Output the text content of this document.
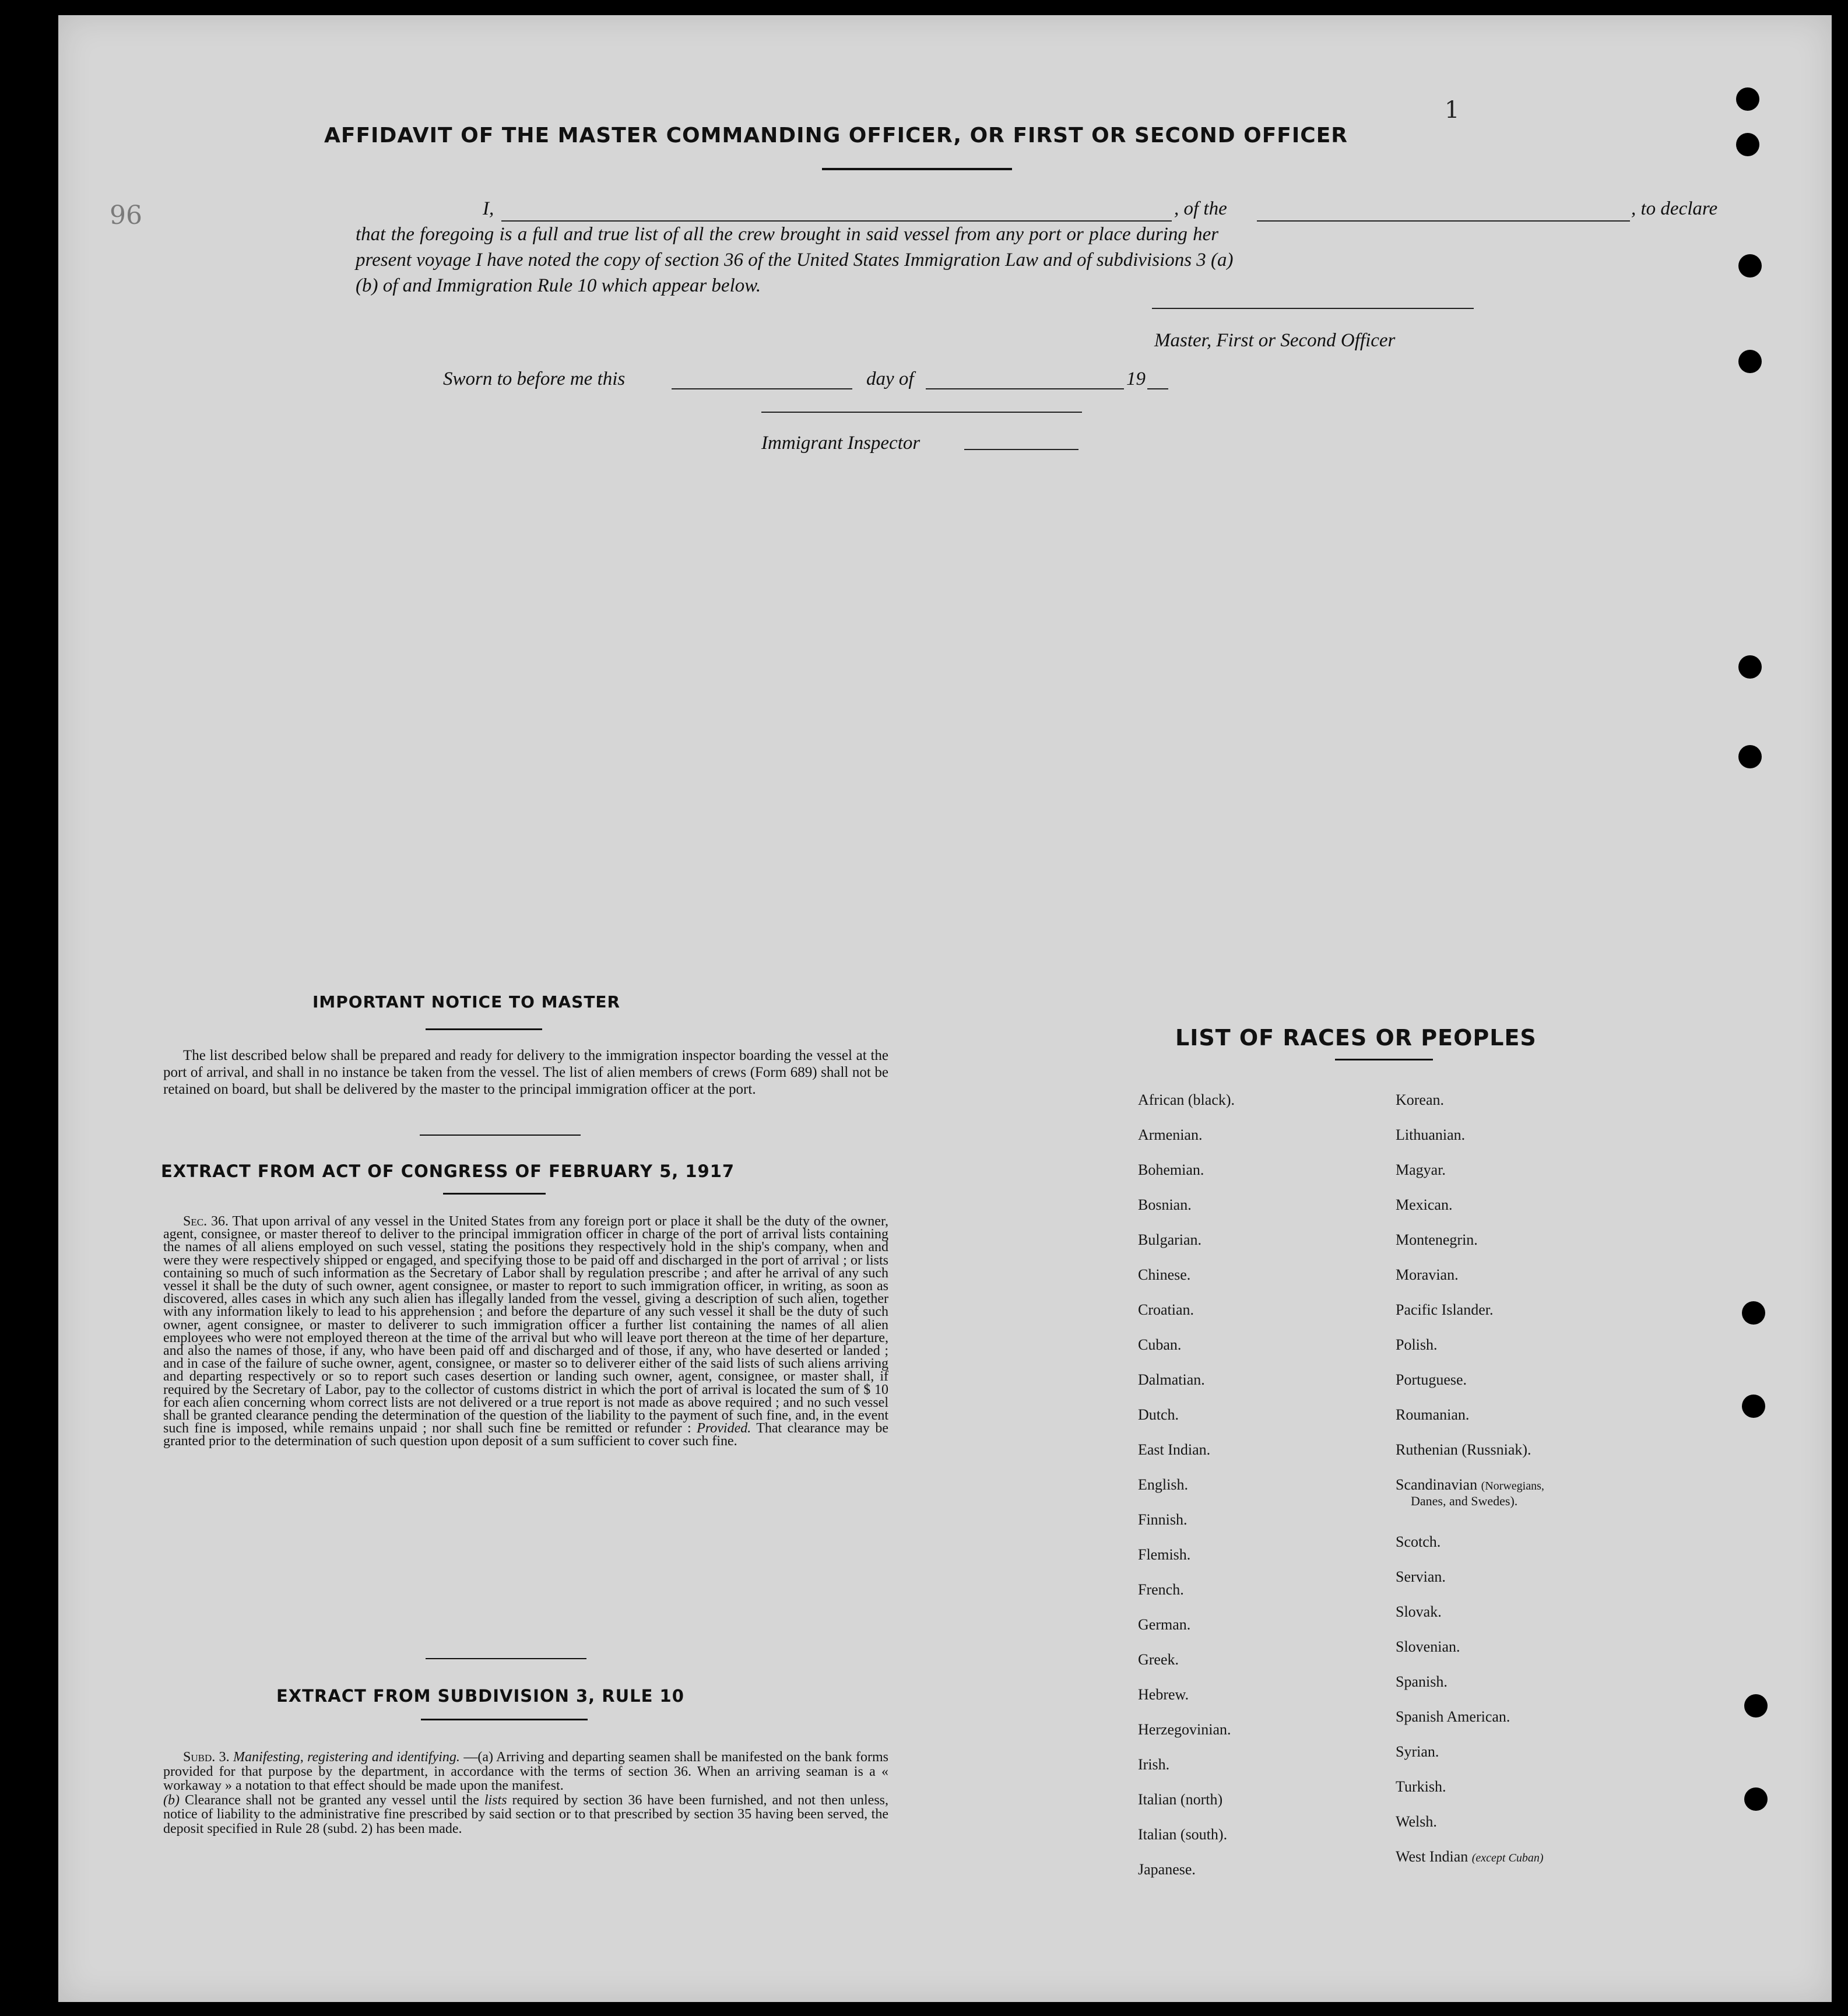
96
1
AFFIDAVIT OF THE MASTER COMMANDING OFFICER, OR FIRST OR SECOND OFFICER
I,	, of the	, to declare
that the foregoing is a full and true list of all the crew brought in said vessel from any port or place during her
present voyage I have noted the copy of section 36 of the United States Immigration Law and of subdivisions 3 (a)
(b) of and Immigration Rule 10 which appear below.
Master, First or Second Officer
Sworn to before me this	day of	19
Immigrant Inspector
IMPORTANT NOTICE TO MASTER
The list described below shall be prepared and ready for delivery to the immigration inspector boarding the vessel at the port of arrival, and shall in no instance be taken from the vessel. The list of alien members of crews (Form 689) shall not be retained on board, but shall be delivered by the master to the principal immigration officer at the port.
EXTRACT FROM ACT OF CONGRESS OF FEBRUARY 5, 1917
Sec. 36. That upon arrival of any vessel in the United States from any foreign port or place it shall be the duty of the owner, agent, consignee, or master thereof to deliver to the principal immigration officer in charge of the port of arrival lists containing the names of all aliens employed on such vessel, stating the positions they respectively hold in the ship's company, when and were they were respectively shipped or engaged, and specifying those to be paid off and discharged in the port of arrival ; or lists containing so much of such information as the Secretary of Labor shall by regulation prescribe ; and after he arrival of any such vessel it shall be the duty of such owner, agent consignee, or master to report to such immigration officer, in writing, as soon as discovered, alles cases in which any such alien has illegally landed from the vessel, giving a description of such alien, together with any information likely to lead to his apprehension ; and before the departure of any such vessel it shall be the duty of such owner, agent consignee, or master to deliverer to such immigration officer a further list containing the names of all alien employees who were not employed thereon at the time of the arrival but who will leave port thereon at the time of her departure, and also the names of those, if any, who have been paid off and discharged and of those, if any, who have deserted or landed ; and in case of the failure of suche owner, agent, consignee, or master so to deliverer either of the said lists of such aliens arriving and departing respectively or so to report such cases desertion or landing such owner, agent, consignee, or master shall, if required by the Secretary of Labor, pay to the collector of customs district in which the port of arrival is located the sum of $ 10 for each alien concerning whom correct lists are not delivered or a true report is not made as above required ; and no such vessel shall be granted clearance pending the determination of the question of the liability to the payment of such fine, and, in the event such fine is imposed, while remains unpaid ; nor shall such fine be remitted or refunder : Provided. That clearance may be granted prior to the determination of such question upon deposit of a sum sufficient to cover such fine.
EXTRACT FROM SUBDIVISION 3, RULE 10
Subd. 3. Manifesting, registering and identifying. —(a) Arriving and departing seamen shall be manifested on the bank forms provided for that purpose by the department, in accordance with the terms of section 36. When an arriving seaman is a « workaway » a notation to that effect should be made upon the manifest.
(b) Clearance shall not be granted any vessel until the lists required by section 36 have been furnished, and not then unless, notice of liability to the administrative fine prescribed by said section or to that prescribed by section 35 having been served, the deposit specified in Rule 28 (subd. 2) has been made.
LIST OF RACES OR PEOPLES
African (black).
Armenian.
Bohemian.
Bosnian.
Bulgarian.
Chinese.
Croatian.
Cuban.
Dalmatian.
Dutch.
East Indian.
English.
Finnish.
Flemish.
French.
German.
Greek.
Hebrew.
Herzegovinian.
Irish.
Italian (north)
Italian (south).
Japanese.
Korean.
Lithuanian.
Magyar.
Mexican.
Montenegrin.
Moravian.
Pacific Islander.
Polish.
Portuguese.
Roumanian.
Ruthenian (Russniak).
Scandinavian (Norwegians,
Danes, and Swedes).
Scotch.
Servian.
Slovak.
Slovenian.
Spanish.
Spanish American.
Syrian.
Turkish.
Welsh.
West Indian (except Cuban)
